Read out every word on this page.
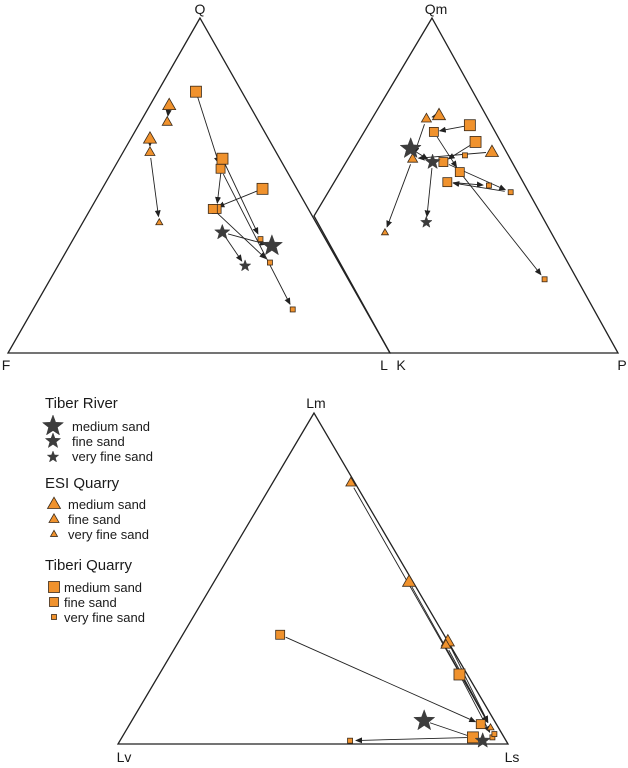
Q
F	L
Qm
K	P
Lm
Lv	Ls
Tiber River
medium sand
fine sand
very fine sand
ESI Quarry
medium sand
fine sand
very fine sand
Tiberi Quarry
medium sand
fine sand
very fine sand
